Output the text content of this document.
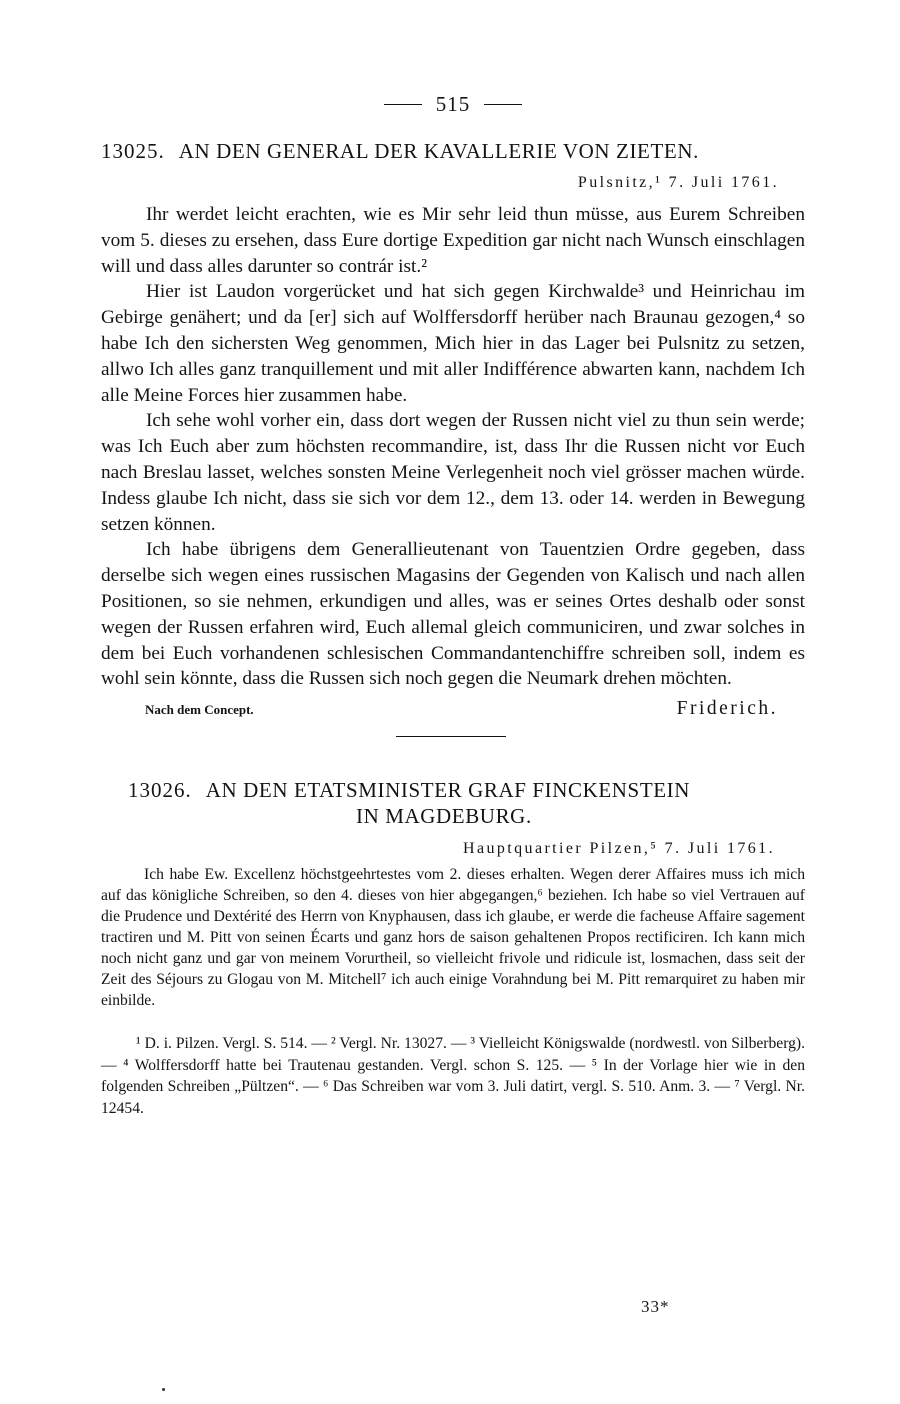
515
13025. AN DEN GENERAL DER KAVALLERIE VON ZIETEN.
Pulsnitz,¹ 7. Juli 1761.

Ihr werdet leicht erachten, wie es Mir sehr leid thun müsse, aus Eurem Schreiben vom 5. dieses zu ersehen, dass Eure dortige Expedition gar nicht nach Wunsch einschlagen will und dass alles darunter so contrár ist.²

Hier ist Laudon vorgerücket und hat sich gegen Kirchwalde³ und Heinrichau im Gebirge genähert; und da [er] sich auf Wolffersdorff herüber nach Braunau gezogen,⁴ so habe Ich den sichersten Weg genommen, Mich hier in das Lager bei Pulsnitz zu setzen, allwo Ich alles ganz tranquillement und mit aller Indifférence abwarten kann, nachdem Ich alle Meine Forces hier zusammen habe.

Ich sehe wohl vorher ein, dass dort wegen der Russen nicht viel zu thun sein werde; was Ich Euch aber zum höchsten recommandire, ist, dass Ihr die Russen nicht vor Euch nach Breslau lasset, welches sonsten Meine Verlegenheit noch viel grösser machen würde. Indess glaube Ich nicht, dass sie sich vor dem 12., dem 13. oder 14. werden in Bewegung setzen können.

Ich habe übrigens dem Generallieutenant von Tauentzien Ordre gegeben, dass derselbe sich wegen eines russischen Magasins der Gegenden von Kalisch und nach allen Positionen, so sie nehmen, erkundigen und alles, was er seines Ortes deshalb oder sonst wegen der Russen erfahren wird, Euch allemal gleich communiciren, und zwar solches in dem bei Euch vorhandenen schlesischen Commandantenchiffre schreiben soll, indem es wohl sein könnte, dass die Russen sich noch gegen die Neumark drehen möchten.

Nach dem Concept.	Friderich.
13026. AN DEN ETATSMINISTER GRAF FINCKENSTEIN
IN MAGDEBURG.
Hauptquartier Pilzen,⁵ 7. Juli 1761.

Ich habe Ew. Excellenz höchstgeehrtestes vom 2. dieses erhalten. Wegen derer Affaires muss ich mich auf das königliche Schreiben, so den 4. dieses von hier abgegangen,⁶ beziehen. Ich habe so viel Vertrauen auf die Prudence und Dextérité des Herrn von Knyphausen, dass ich glaube, er werde die facheuse Affaire sagement tractiren und M. Pitt von seinen Écarts und ganz hors de saison gehaltenen Propos rectificiren. Ich kann mich noch nicht ganz und gar von meinem Vorurtheil, so vielleicht frivole und ridicule ist, losmachen, dass seit der Zeit des Séjours zu Glogau von M. Mitchell⁷ ich auch einige Vorahndung bei M. Pitt remarquiret zu haben mir einbilde.

¹ D. i. Pilzen. Vergl. S. 514. — ² Vergl. Nr. 13027. — ³ Vielleicht Königswalde (nordwestl. von Silberberg). — ⁴ Wolffersdorff hatte bei Trautenau gestanden. Vergl. schon S. 125. — ⁵ In der Vorlage hier wie in den folgenden Schreiben „Pültzen“. — ⁶ Das Schreiben war vom 3. Juli datirt, vergl. S. 510. Anm. 3. — ⁷ Vergl. Nr. 12454.

33*
